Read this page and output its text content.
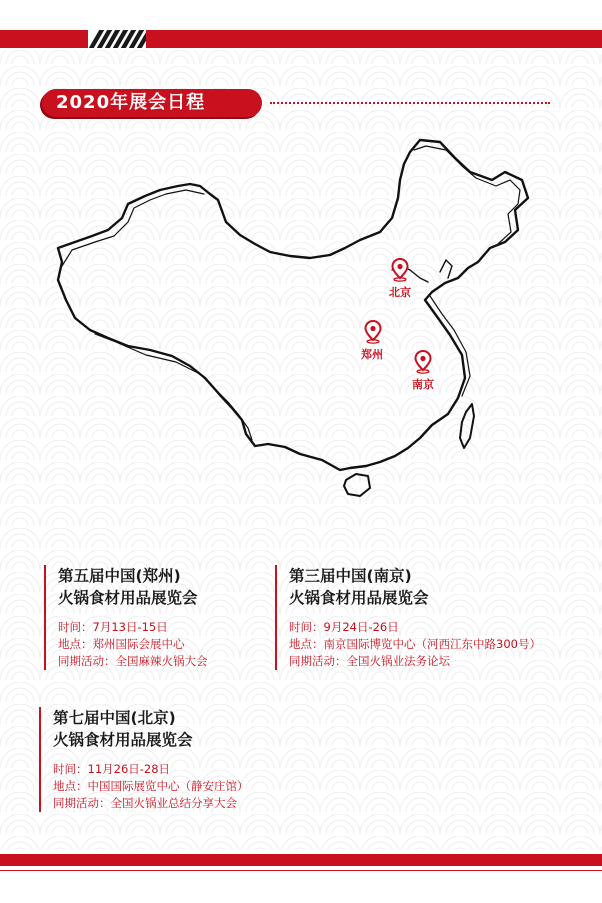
2020年展会日程
北京
郑州
南京
第五届中国(郑州)
火锅食材用品展览会
时间：7月13日-15日
地点：郑州国际会展中心
同期活动：全国麻辣火锅大会
第三届中国(南京)
火锅食材用品展览会
时间：9月24日-26日
地点：南京国际博览中心（河西江东中路300号）
同期活动：全国火锅业法务论坛
第七届中国(北京)
火锅食材用品展览会
时间：11月26日-28日
地点：中国国际展览中心（静安庄馆）
同期活动：全国火锅业总结分享大会
